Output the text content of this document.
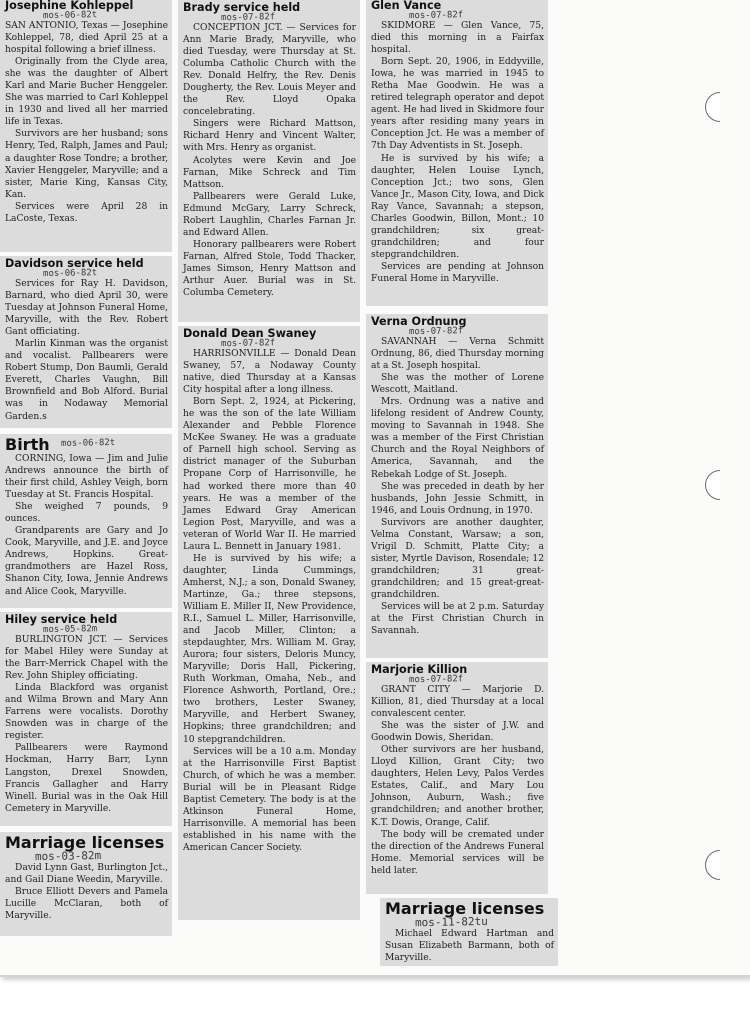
Josephine Kohleppel
mos-06-82t

SAN ANTONIO, Texas — Josephine Kohleppel, 78, died April 25 at a hospital following a brief illness.

Originally from the Clyde area, she was the daughter of Albert Karl and Marie Bucher Henggeler. She was married to Carl Kohleppel in 1930 and lived all her married life in Texas.

Survivors are her husband; sons Henry, Ted, Ralph, James and Paul; a daughter Rose Tondre; a brother, Xavier Henggeler, Maryville; and a sister, Marie King, Kansas City, Kan.

Services were April 28 in LaCoste, Texas.

Davidson service held
mos-06-82t

Services for Ray H. Davidson, Barnard, who died April 30, were Tuesday at Johnson Funeral Home, Maryville, with the Rev. Robert Gant officiating.

Marlin Kinman was the organist and vocalist. Pallbearers were Robert Stump, Don Baumli, Gerald Everett, Charles Vaughn, Bill Brownfield and Bob Alford. Burial was in Nodaway Memorial Garden.s

Birth	mos-06-82t

CORNING, Iowa — Jim and Julie Andrews announce the birth of their first child, Ashley Veigh, born Tuesday at St. Francis Hospital.

She weighed 7 pounds, 9 ounces.

Grandparents are Gary and Jo Cook, Maryville, and J.E. and Joyce Andrews, Hopkins. Great-grandmothers are Hazel Ross, Shanon City, Iowa, Jennie Andrews and Alice Cook, Maryville.

Hiley service held
mos-05-82m

BURLINGTON JCT. — Services for Mabel Hiley were Sunday at the Barr-Merrick Chapel with the Rev. John Shipley officiating.

Linda Blackford was organist and Wilma Brown and Mary Ann Farrens were vocalists. Dorothy Snowden was in charge of the register.

Pallbearers were Raymond Hockman, Harry Barr, Lynn Langston, Drexel Snowden, Francis Gallagher and Harry Winell. Burial was in the Oak Hill Cemetery in Maryville.

Marriage licenses
mos-03-82m

David Lynn Gast, Burlington Jct., and Gail Diane Weedin, Maryville.

Bruce Elliott Devers and Pamela Lucille McClaran, both of Maryville.

Brady service held
mos-07-82f

CONCEPTION JCT. — Services for Ann Marie Brady, Maryville, who died Tuesday, were Thursday at St. Columba Catholic Church with the Rev. Donald Helfry, the Rev. Denis Dougherty, the Rev. Louis Meyer and the Rev. Lloyd Opaka concelebrating.

Singers were Richard Mattson, Richard Henry and Vincent Walter, with Mrs. Henry as organist.

Acolytes were Kevin and Joe Farnan, Mike Schreck and Tim Mattson.

Pallbearers were Gerald Luke, Edmund McGary, Larry Schreck, Robert Laughlin, Charles Farnan Jr. and Edward Allen.

Honorary pallbearers were Robert Farnan, Alfred Stole, Todd Thacker, James Simson, Henry Mattson and Arthur Auer. Burial was in St. Columba Cemetery.

Donald Dean Swaney
mos-07-82f

HARRISONVILLE — Donald Dean Swaney, 57, a Nodaway County native, died Thursday at a Kansas City hospital after a long illness.

Born Sept. 2, 1924, at Pickering, he was the son of the late William Alexander and Pebble Florence McKee Swaney. He was a graduate of Parnell high school. Serving as district manager of the Suburban Propane Corp of Harrisonville, he had worked there more than 40 years. He was a member of the James Edward Gray American Legion Post, Maryville, and was a veteran of World War II. He married Laura L. Bennett in January 1981.

He is survived by his wife; a daughter, Linda Cummings, Amherst, N.J.; a son, Donald Swaney, Martinze, Ga.; three stepsons, William E. Miller II, New Providence, R.I., Samuel L. Miller, Harrisonville, and Jacob Miller, Clinton; a stepdaughter, Mrs. William M. Gray, Aurora; four sisters, Deloris Muncy, Maryville; Doris Hall, Pickering, Ruth Workman, Omaha, Neb., and Florence Ashworth, Portland, Ore.; two brothers, Lester Swaney, Maryville, and Herbert Swaney, Hopkins; three grandchildren; and 10 stepgrandchildren.

Services will be a 10 a.m. Monday at the Harrisonville First Baptist Church, of which he was a member. Burial will be in Pleasant Ridge Baptist Cemetery. The body is at the Atkinson Funeral Home, Harrisonville. A memorial has been established in his name with the American Cancer Society.

Glen Vance
mos-07-82f

SKIDMORE — Glen Vance, 75, died this morning in a Fairfax hospital.

Born Sept. 20, 1906, in Eddyville, Iowa, he was married in 1945 to Retha Mae Goodwin. He was a retired telegraph operator and depot agent. He had lived in Skidmore four years after residing many years in Conception Jct. He was a member of 7th Day Adventists in St. Joseph.

He is survived by his wife; a daughter, Helen Louise Lynch, Conception Jct.; two sons, Glen Vance Jr., Mason City, Iowa, and Dick Ray Vance, Savannah; a stepson, Charles Goodwin, Billon, Mont.; 10 grandchildren; six great-grandchildren; and four stepgrandchildren.

Services are pending at Johnson Funeral Home in Maryville.

Verna Ordnung
mos-07-82f

SAVANNAH — Verna Schmitt Ordnung, 86, died Thursday morning at a St. Joseph hospital.

She was the mother of Lorene Wescott, Maitland.

Mrs. Ordnung was a native and lifelong resident of Andrew County, moving to Savannah in 1948. She was a member of the First Christian Church and the Royal Neighbors of America, Savannah, and the Rebekah Lodge of St. Joseph.

She was preceded in death by her husbands, John Jessie Schmitt, in 1946, and Louis Ordnung, in 1970.

Survivors are another daughter, Velma Constant, Warsaw; a son, Vrigil D. Schmitt, Platte City; a sister, Myrtle Davison, Rosendale; 12 grandchildren; 31 great-grandchildren; and 15 great-great-grandchildren.

Services will be at 2 p.m. Saturday at the First Christian Church in Savannah.

Marjorie Killion
mos-07-82f

GRANT CITY — Marjorie D. Killion, 81, died Thursday at a local convalescent center.

She was the sister of J.W. and Goodwin Dowis, Sheridan.

Other survivors are her husband, Lloyd Killion, Grant City; two daughters, Helen Levy, Palos Verdes Estates, Calif., and Mary Lou Johnson, Auburn, Wash.; five grandchildren; and another brother, K.T. Dowis, Orange, Calif.

The body will be cremated under the direction of the Andrews Funeral Home. Memorial services will be held later.

Marriage licenses
mos-11-82tu

Michael Edward Hartman and Susan Elizabeth Barmann, both of Maryville.
